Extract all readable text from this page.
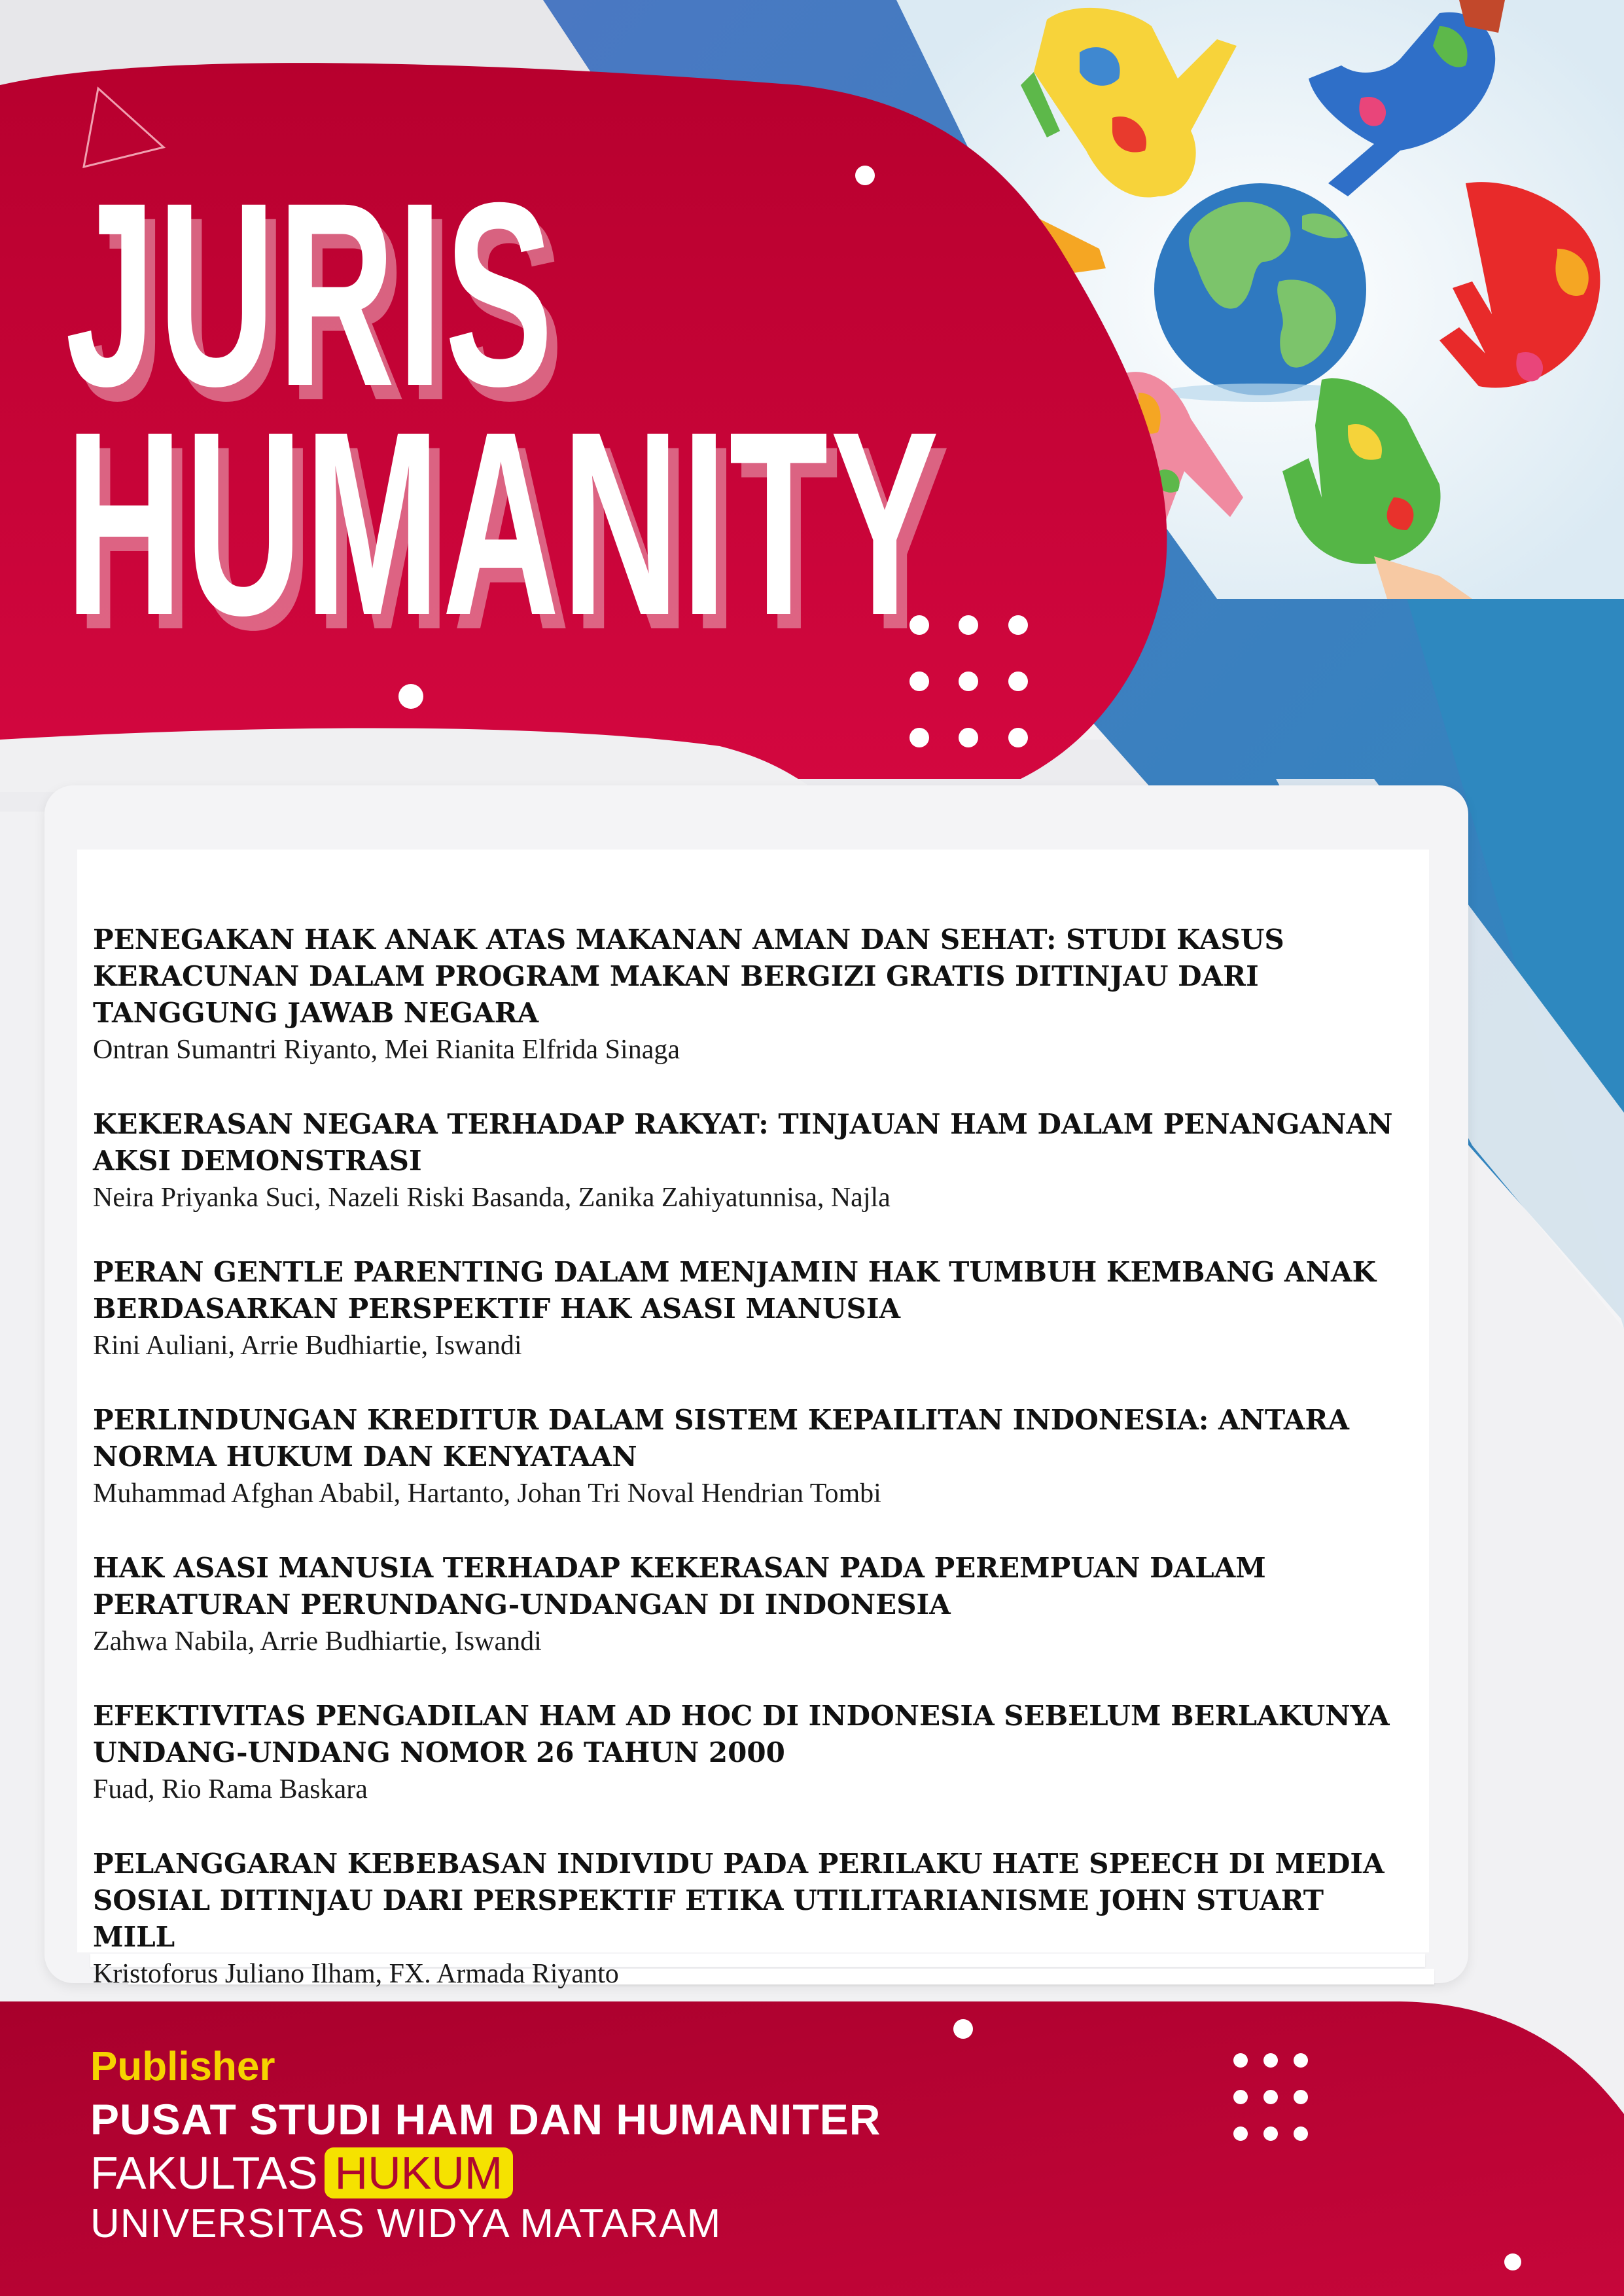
JURIS
HUMANITY

PENEGAKAN HAK ANAK ATAS MAKANAN AMAN DAN SEHAT: STUDI KASUS KERACUNAN DALAM PROGRAM MAKAN BERGIZI GRATIS DITINJAU DARI TANGGUNG JAWAB NEGARA

Ontran Sumantri Riyanto, Mei Rianita Elfrida Sinaga

KEKERASAN NEGARA TERHADAP RAKYAT: TINJAUAN HAM DALAM PENANGANAN AKSI DEMONSTRASI

Neira Priyanka Suci, Nazeli Riski Basanda, Zanika Zahiyatunnisa, Najla

PERAN GENTLE PARENTING DALAM MENJAMIN HAK TUMBUH KEMBANG ANAK BERDASARKAN PERSPEKTIF HAK ASASI MANUSIA

Rini Auliani, Arrie Budhiartie, Iswandi

PERLINDUNGAN KREDITUR DALAM SISTEM KEPAILITAN INDONESIA: ANTARA NORMA HUKUM DAN KENYATAAN

Muhammad Afghan Ababil, Hartanto, Johan Tri Noval Hendrian Tombi

HAK ASASI MANUSIA TERHADAP KEKERASAN PADA PEREMPUAN DALAM PERATURAN PERUNDANG-UNDANGAN DI INDONESIA

Zahwa Nabila, Arrie Budhiartie, Iswandi

EFEKTIVITAS PENGADILAN HAM AD HOC DI INDONESIA SEBELUM BERLAKUNYA UNDANG-UNDANG NOMOR 26 TAHUN 2000

Fuad, Rio Rama Baskara

PELANGGARAN KEBEBASAN INDIVIDU PADA PERILAKU HATE SPEECH DI MEDIA SOSIAL DITINJAU DARI PERSPEKTIF ETIKA UTILITARIANISME JOHN STUART MILL

Kristoforus Juliano Ilham, FX. Armada Riyanto

Publisher
PUSAT STUDI HAM DAN HUMANITER
FAKULTAS HUKUM
UNIVERSITAS WIDYA MATARAM
